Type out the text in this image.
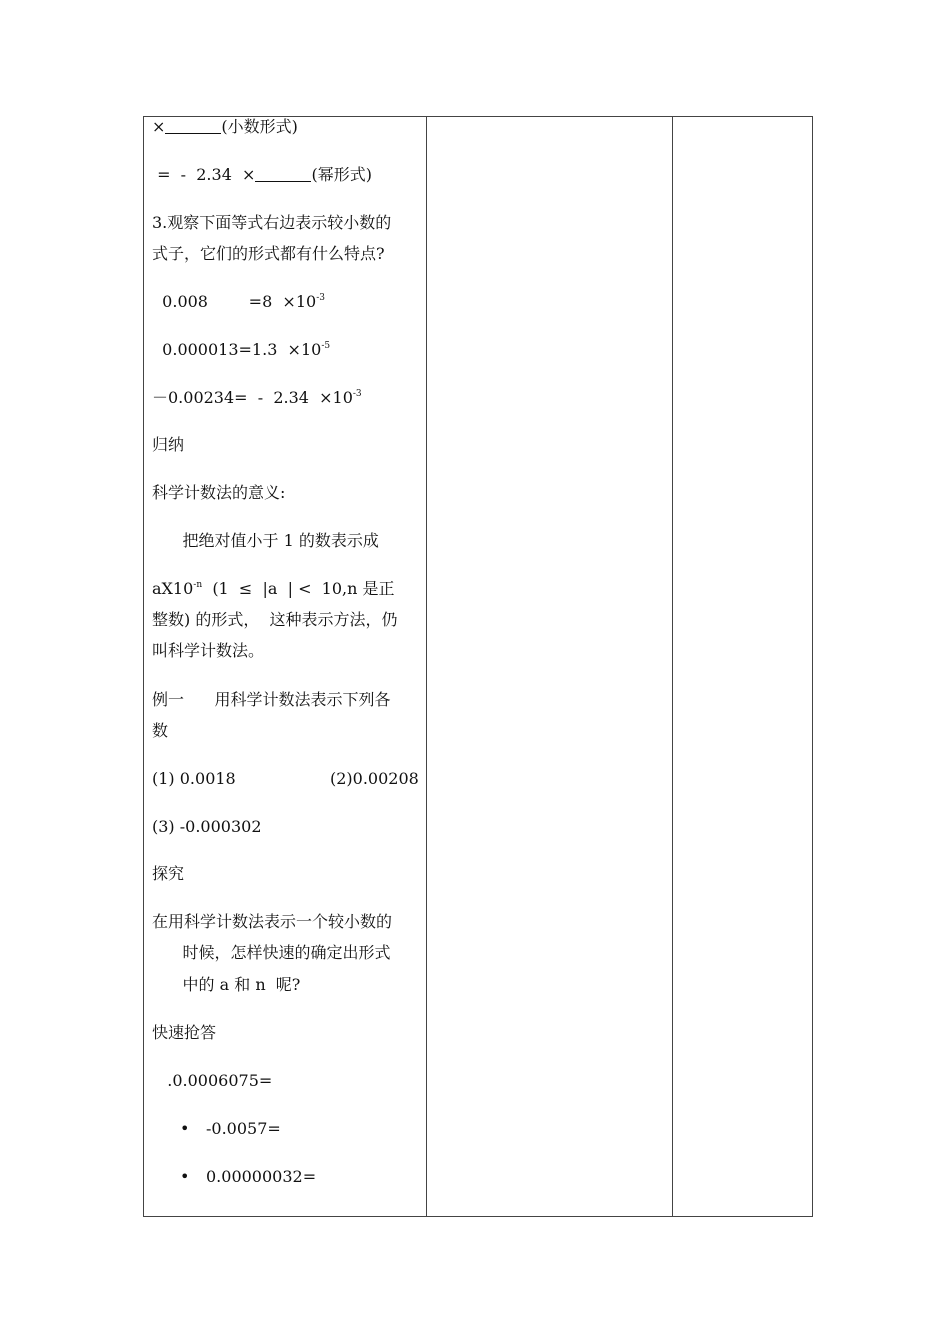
×	(小数形式)
=  -  2.34  ×	(幂形式)
3.观察下面等式右边表示较小数的
式子，它们的形式都有什么特点?
0.008        $=8 \times 10^{-3}$
$0.000013=1.3 \times 10^{-5}$
$-0.00234= - 2.34 \times 10^{-3}$
归纳
科学计数法的意义:
把绝对值小于 1 的数表示成
$aX10^{-n}$  (1  ≤  |a  | <  10,n 是正
整数) 的形式，  这种表示方法，仍
叫科学计数法。
例一      用科学计数法表示下列各
数
(1) 0.0018	(2)0.00208
(3) -0.000302
探究
在用科学计数法表示一个较小数的
时候，怎样快速的确定出形式
中的 a 和 n  呢?
快速抢答
.0.0006075=
• -0.0057=
• 0.00000032=
